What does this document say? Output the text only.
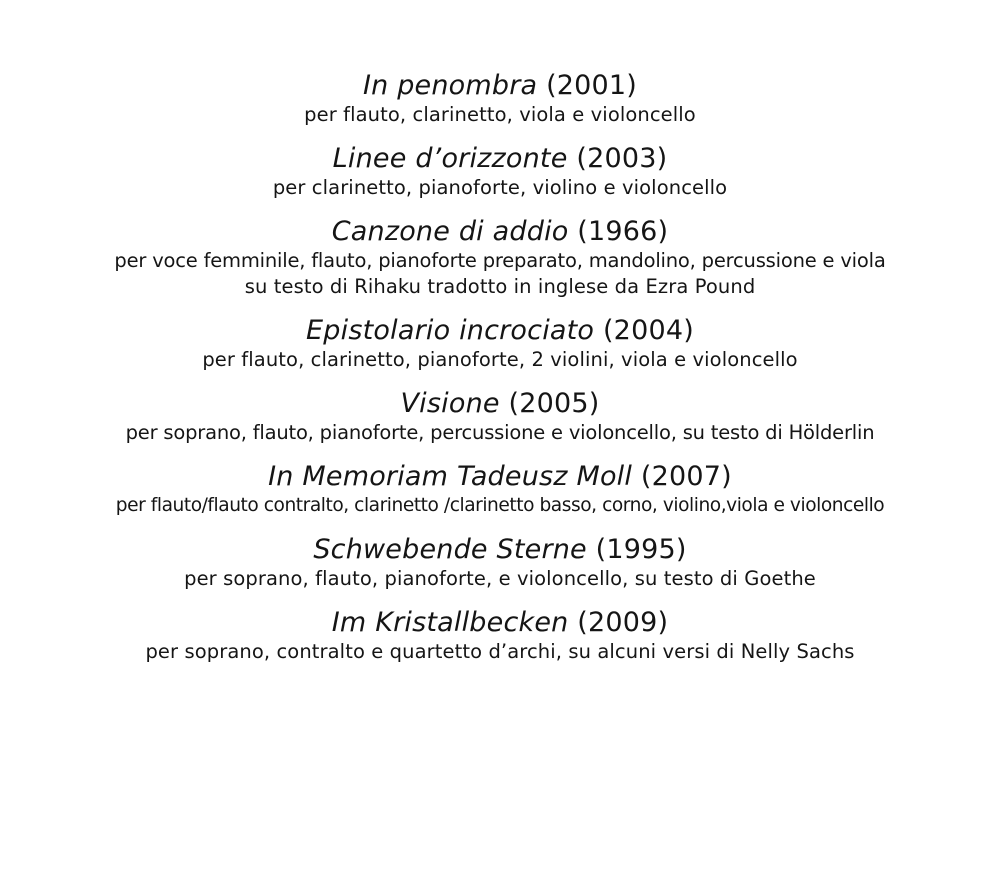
In penombra (2001)
per flauto, clarinetto, viola e violoncello
Linee d’orizzonte (2003)
per clarinetto, pianoforte, violino e violoncello
Canzone di addio (1966)
per voce femminile, flauto, pianoforte preparato, mandolino, percussione e viola
su testo di Rihaku tradotto in inglese da Ezra Pound
Epistolario incrociato (2004)
per flauto, clarinetto, pianoforte, 2 violini, viola e violoncello
Visione (2005)
per soprano, flauto, pianoforte, percussione e violoncello, su testo di Hölderlin
In Memoriam Tadeusz Moll (2007)
per flauto/flauto contralto, clarinetto /clarinetto basso, corno, violino,viola e violoncello
Schwebende Sterne (1995)
per soprano, flauto, pianoforte, e violoncello, su testo di Goethe
Im Kristallbecken (2009)
per soprano, contralto e quartetto d’archi, su alcuni versi di Nelly Sachs
